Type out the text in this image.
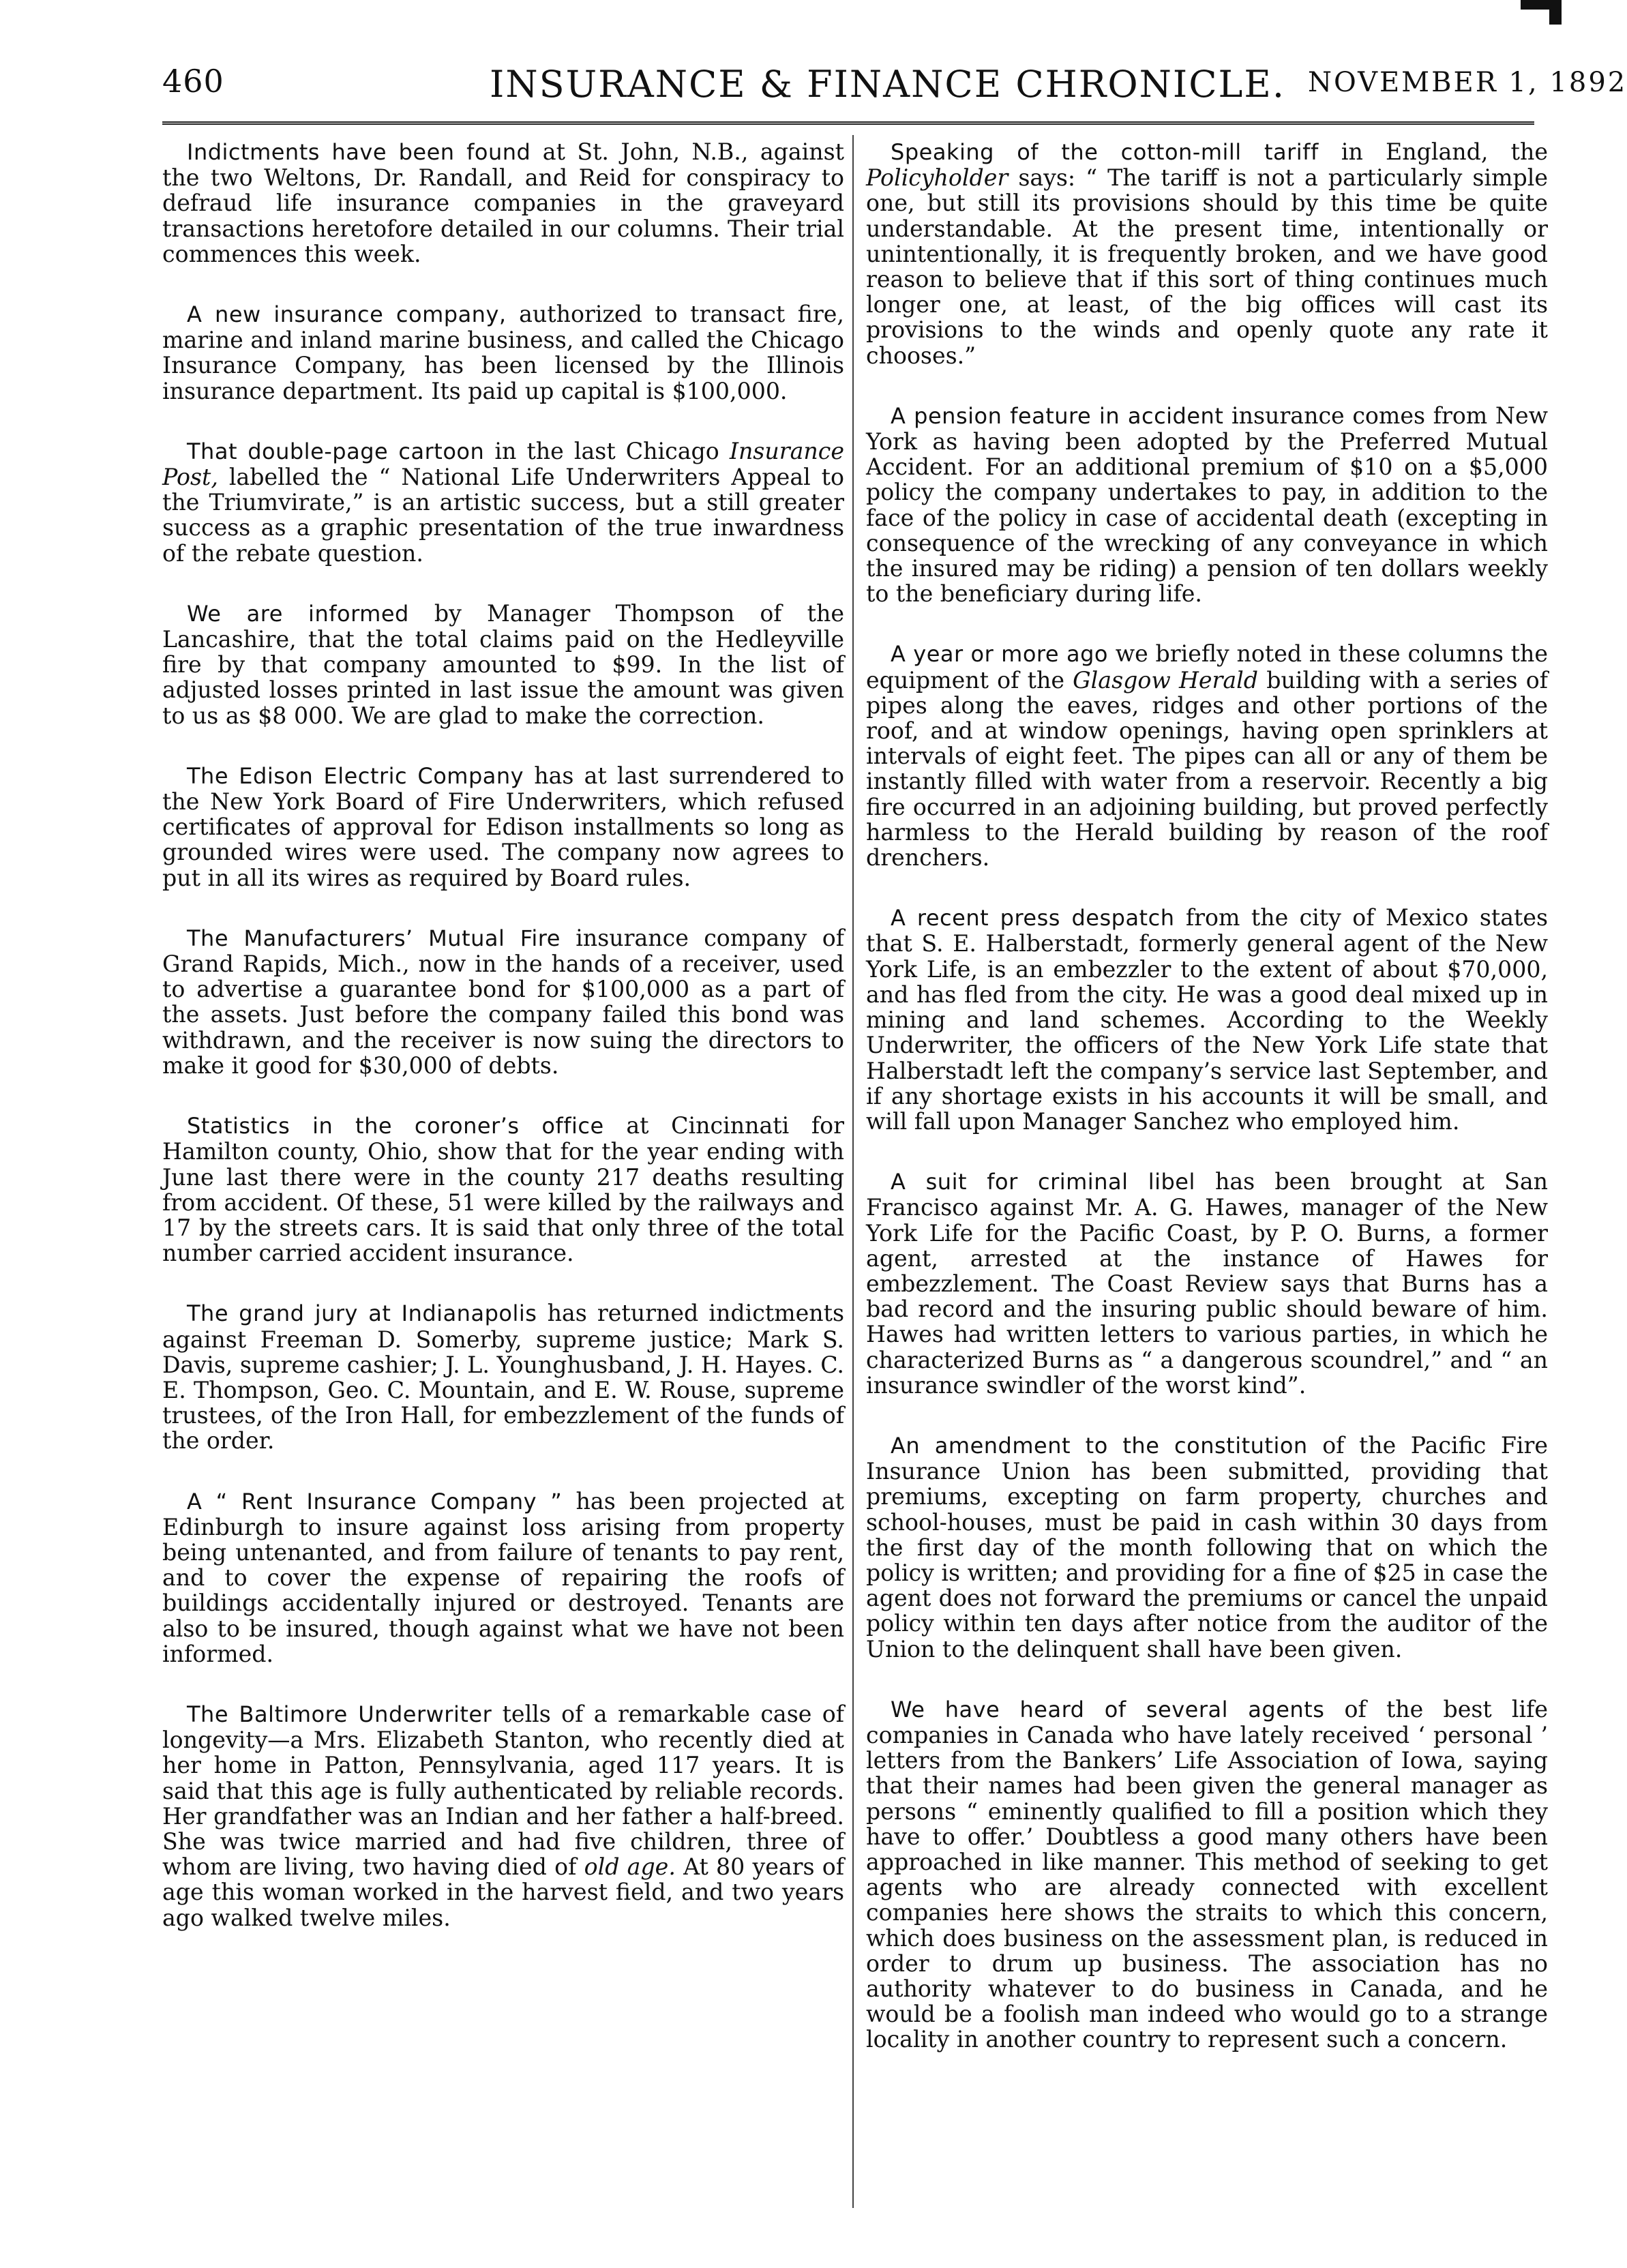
460	INSURANCE & FINANCE CHRONICLE. NOVEMBER 1, 1892

Indictments have been found at St. John, N.B., against the two Weltons, Dr. Randall, and Reid for conspiracy to defraud life insurance companies in the graveyard transactions heretofore detailed in our columns. Their trial commences this week.

A new insurance company, authorized to transact fire, marine and inland marine business, and called the Chicago Insurance Company, has been licensed by the Illinois insurance department. Its paid up capital is $100,000.

That double-page cartoon in the last Chicago Insurance Post, labelled the “ National Life Underwriters Appeal to the Triumvirate,” is an artistic success, but a still greater success as a graphic presentation of the true inwardness of the rebate question.

We are informed by Manager Thompson of the Lancashire, that the total claims paid on the Hedleyville fire by that company amounted to $99. In the list of adjusted losses printed in last issue the amount was given to us as $8 000. We are glad to make the correction.

The Edison Electric Company has at last surrendered to the New York Board of Fire Underwriters, which refused certificates of approval for Edison installments so long as grounded wires were used. The company now agrees to put in all its wires as required by Board rules.

The Manufacturers’ Mutual Fire insurance company of Grand Rapids, Mich., now in the hands of a receiver, used to advertise a guarantee bond for $100,000 as a part of the assets. Just before the company failed this bond was withdrawn, and the receiver is now suing the directors to make it good for $30,000 of debts.

Statistics in the coroner’s office at Cincinnati for Hamilton county, Ohio, show that for the year ending with June last there were in the county 217 deaths resulting from accident. Of these, 51 were killed by the railways and 17 by the streets cars. It is said that only three of the total number carried accident insurance.

The grand jury at Indianapolis has returned indictments against Freeman D. Somerby, supreme justice; Mark S. Davis, supreme cashier; J. L. Younghusband, J. H. Hayes. C. E. Thompson, Geo. C. Mountain, and E. W. Rouse, supreme trustees, of the Iron Hall, for embezzlement of the funds of the order.

A “ Rent Insurance Company ” has been projected at Edinburgh to insure against loss arising from property being untenanted, and from failure of tenants to pay rent, and to cover the expense of repairing the roofs of buildings accidentally injured or destroyed. Tenants are also to be insured, though against what we have not been informed.

The Baltimore Underwriter tells of a remarkable case of longevity—a Mrs. Elizabeth Stanton, who recently died at her home in Patton, Pennsylvania, aged 117 years. It is said that this age is fully authenticated by reliable records. Her grandfather was an Indian and her father a half-breed. She was twice married and had five children, three of whom are living, two having died of old age. At 80 years of age this woman worked in the harvest field, and two years ago walked twelve miles.

Speaking of the cotton-mill tariff in England, the Policyholder says: “ The tariff is not a particularly simple one, but still its provisions should by this time be quite understandable. At the present time, intentionally or unintentionally, it is frequently broken, and we have good reason to believe that if this sort of thing continues much longer one, at least, of the big offices will cast its provisions to the winds and openly quote any rate it chooses.”

A pension feature in accident insurance comes from New York as having been adopted by the Preferred Mutual Accident. For an additional premium of $10 on a $5,000 policy the company undertakes to pay, in addition to the face of the policy in case of accidental death (excepting in consequence of the wrecking of any conveyance in which the insured may be riding) a pension of ten dollars weekly to the beneficiary during life.

A year or more ago we briefly noted in these columns the equipment of the Glasgow Herald building with a series of pipes along the eaves, ridges and other portions of the roof, and at window openings, having open sprinklers at intervals of eight feet. The pipes can all or any of them be instantly filled with water from a reservoir. Recently a big fire occurred in an adjoining building, but proved perfectly harmless to the Herald building by reason of the roof drenchers.

A recent press despatch from the city of Mexico states that S. E. Halberstadt, formerly general agent of the New York Life, is an embezzler to the extent of about $70,000, and has fled from the city. He was a good deal mixed up in mining and land schemes. According to the Weekly Underwriter, the officers of the New York Life state that Halberstadt left the company’s service last September, and if any shortage exists in his accounts it will be small, and will fall upon Manager Sanchez who employed him.

A suit for criminal libel has been brought at San Francisco against Mr. A. G. Hawes, manager of the New York Life for the Pacific Coast, by P. O. Burns, a former agent, arrested at the instance of Hawes for embezzlement. The Coast Review says that Burns has a bad record and the insuring public should beware of him. Hawes had written letters to various parties, in which he characterized Burns as “ a dangerous scoundrel,” and “ an insurance swindler of the worst kind”.

An amendment to the constitution of the Pacific Fire Insurance Union has been submitted, providing that premiums, excepting on farm property, churches and school-houses, must be paid in cash within 30 days from the first day of the month following that on which the policy is written; and providing for a fine of $25 in case the agent does not forward the premiums or cancel the unpaid policy within ten days after notice from the auditor of the Union to the delinquent shall have been given.

We have heard of several agents of the best life companies in Canada who have lately received ‘ personal ’ letters from the Bankers’ Life Association of Iowa, saying that their names had been given the general manager as persons “ eminently qualified to fill a position which they have to offer.’ Doubtless a good many others have been approached in like manner. This method of seeking to get agents who are already connected with excellent companies here shows the straits to which this concern, which does business on the assessment plan, is reduced in order to drum up business. The association has no authority whatever to do business in Canada, and he would be a foolish man indeed who would go to a strange locality in another country to represent such a concern.
